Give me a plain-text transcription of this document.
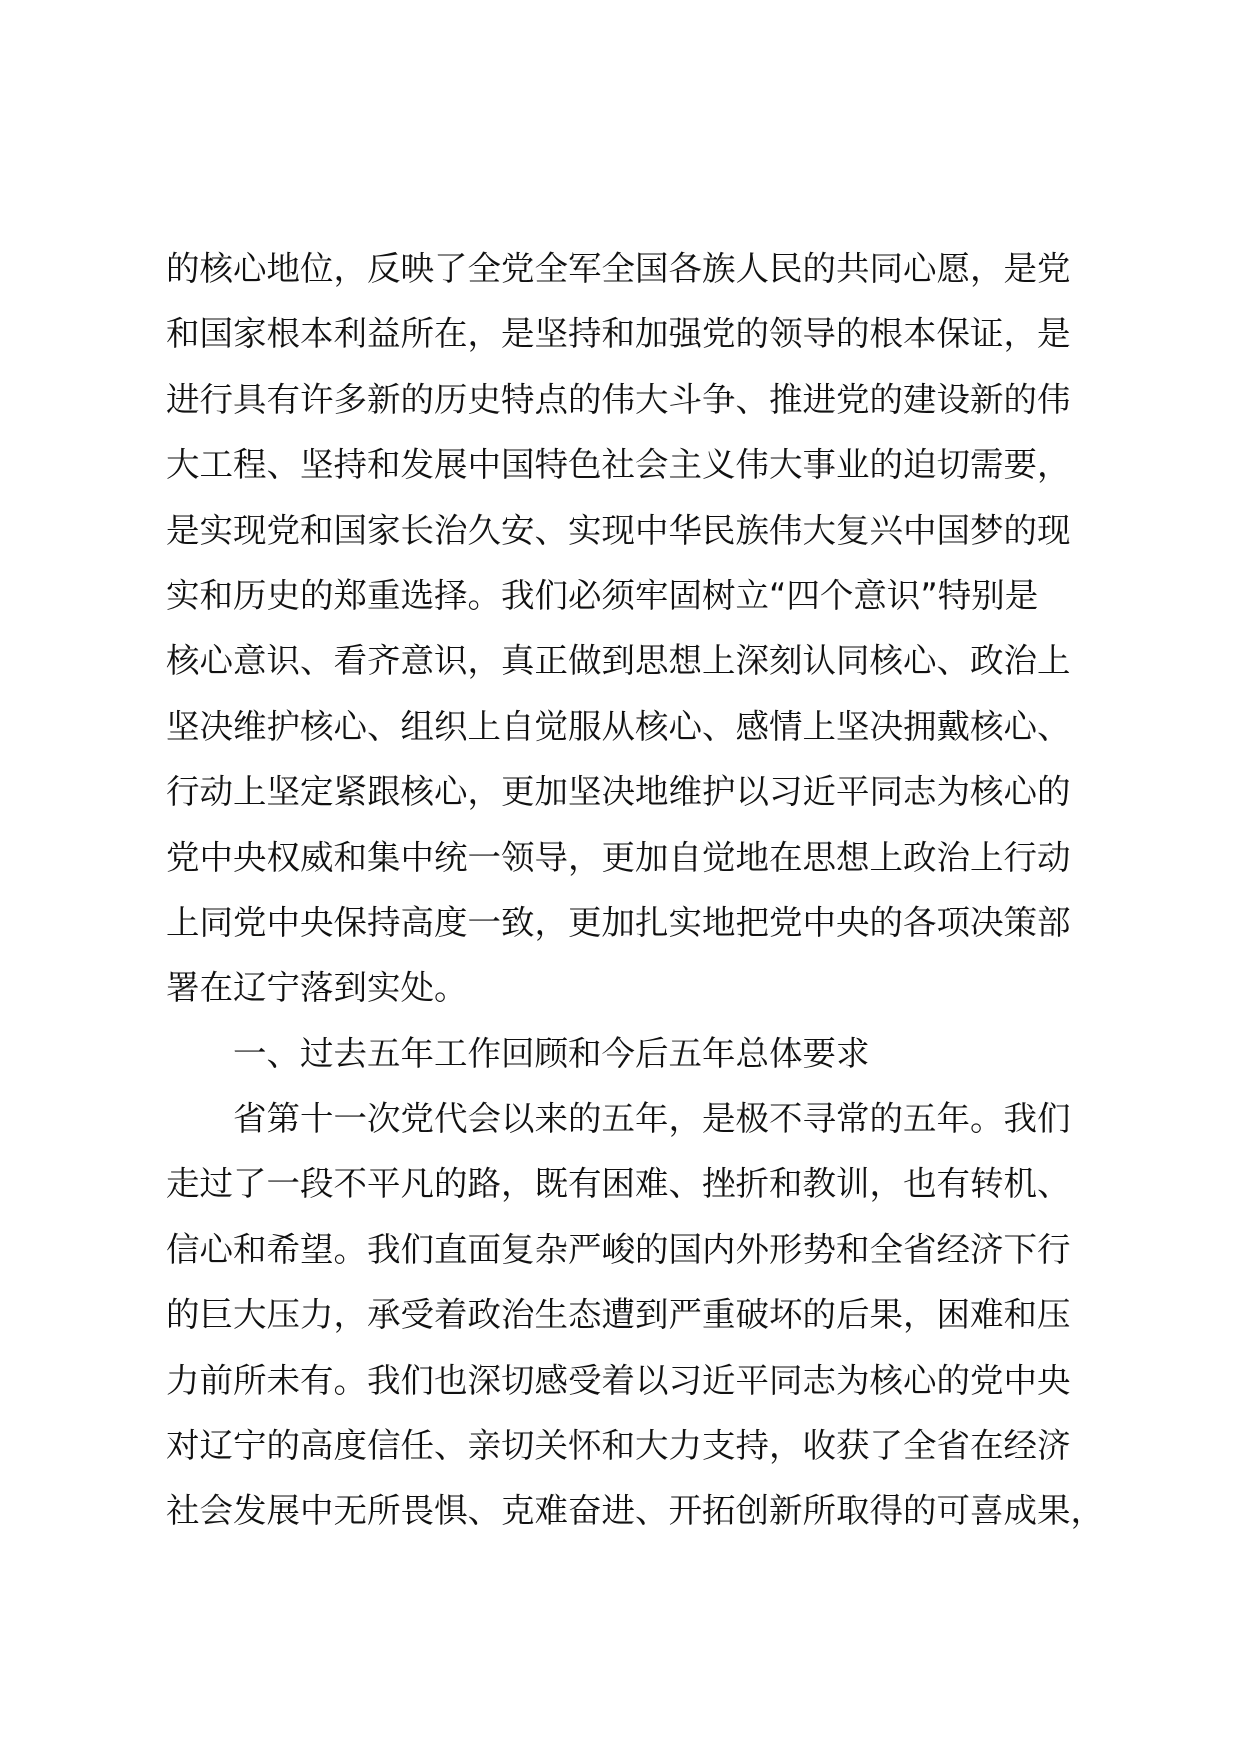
的核心地位，反映了全党全军全国各族人民的共同心愿，是党
和国家根本利益所在，是坚持和加强党的领导的根本保证，是
进行具有许多新的历史特点的伟大斗争、推进党的建设新的伟
大工程、坚持和发展中国特色社会主义伟大事业的迫切需要，
是实现党和国家长治久安、实现中华民族伟大复兴中国梦的现
实和历史的郑重选择。我们必须牢固树立“四个意识”特别是
核心意识、看齐意识，真正做到思想上深刻认同核心、政治上
坚决维护核心、组织上自觉服从核心、感情上坚决拥戴核心、
行动上坚定紧跟核心，更加坚决地维护以习近平同志为核心的
党中央权威和集中统一领导，更加自觉地在思想上政治上行动
上同党中央保持高度一致，更加扎实地把党中央的各项决策部
署在辽宁落到实处。
一、过去五年工作回顾和今后五年总体要求
省第十一次党代会以来的五年，是极不寻常的五年。我们
走过了一段不平凡的路，既有困难、挫折和教训，也有转机、
信心和希望。我们直面复杂严峻的国内外形势和全省经济下行
的巨大压力，承受着政治生态遭到严重破坏的后果，困难和压
力前所未有。我们也深切感受着以习近平同志为核心的党中央
对辽宁的高度信任、亲切关怀和大力支持，收获了全省在经济
社会发展中无所畏惧、克难奋进、开拓创新所取得的可喜成果，
